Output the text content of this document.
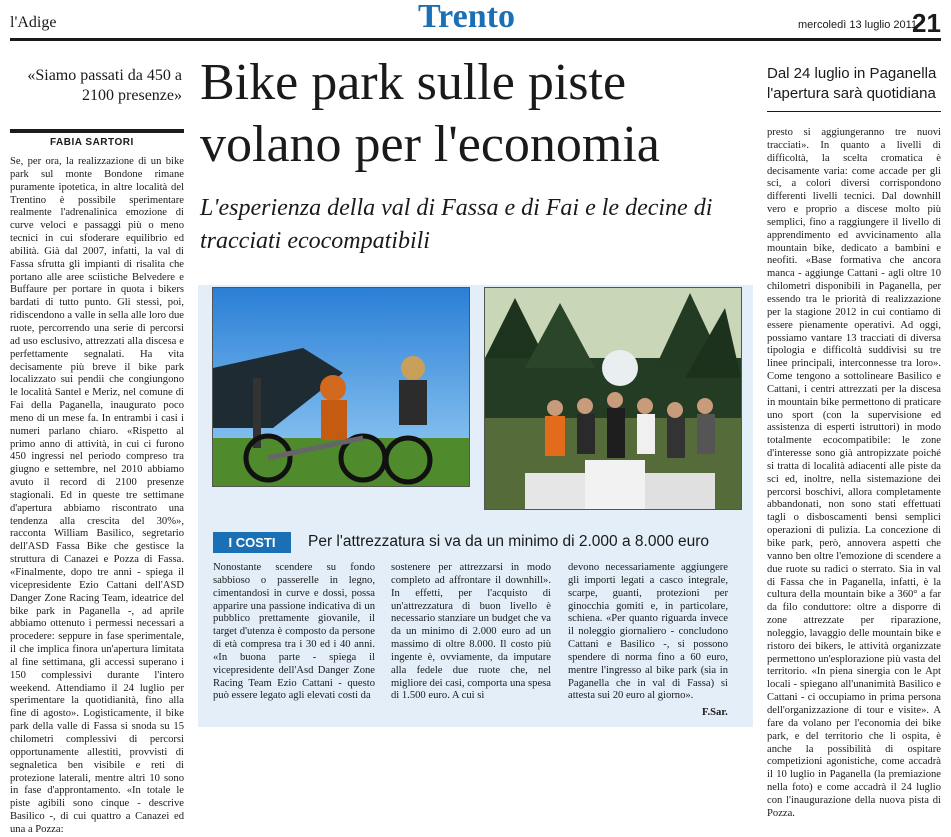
l'Adige	Trento	mercoledì 13 luglio 2011
21
«Siamo passati da 450 a 2100 presenze»
FABIA SARTORI
Se, per ora, la realizzazione di un bike park sul monte Bondone rimane puramente ipotetica, in altre località del Trentino è possibile sperimentare realmente l'adrenalinica emozione di curve veloci e passaggi più o meno tecnici in cui sfoderare equilibrio ed abilità. Già dal 2007, infatti, la val di Fassa sfrutta gli impianti di risalita che portano alle aree sciistiche Belvedere e Buffaure per portare in quota i bikers bardati di tutto punto. Gli stessi, poi, ridiscendono a valle in sella alle loro due ruote, percorrendo una serie di percorsi ad uso esclusivo, attrezzati alla discesa e perfettamente segnalati. Ha vita decisamente più breve il bike park localizzato sui pendii che congiungono le località Santel e Meriz, nel comune di Fai della Paganella, inaugurato poco meno di un mese fa. In entrambi i casi i numeri parlano chiaro. «Rispetto al primo anno di attività, in cui ci furono 450 ingressi nel periodo compreso tra giugno e settembre, nel 2010 abbiamo avuto il record di 2100 presenze stagionali. Ed in queste tre settimane d'apertura abbiamo riscontrato una tendenza alla crescita del 30%», racconta William Basilico, segretario dell'ASD Fassa Bike che gestisce la struttura di Canazei e Pozza di Fassa. «Finalmente, dopo tre anni - spiega il vicepresidente Ezio Cattani dell'ASD Danger Zone Racing Team, ideatrice del bike park in Paganella -, ad aprile abbiamo ottenuto i permessi necessari a procedere: seppure in fase sperimentale, il che implica finora un'apertura limitata al fine settimana, gli accessi superano i 150 complessivi durante l'intero weekend. Attendiamo il 24 luglio per sperimentare la quotidianità, fino alla fine di agosto». Logisticamente, il bike park della valle di Fassa si snoda su 15 chilometri complessivi di percorsi opportunamente allestiti, provvisti di segnaletica ben visibile e reti di protezione laterali, mentre altri 10 sono in fase d'approntamento. «In totale le piste agibili sono cinque - descrive Basilico -, di cui quattro a Canazei ed una a Pozza:
Bike park sulle piste volano per l'economia
L'esperienza della val di Fassa e di Fai e le decine di tracciati ecocompatibili
I COSTI	Per l'attrezzatura si va da un minimo di 2.000 a 8.000 euro
Nonostante scendere su fondo sabbioso o passerelle in legno, cimentandosi in curve e dossi, possa apparire una passione indicativa di un pubblico prettamente giovanile, il target d'utenza è composto da persone di età compresa tra i 30 ed i 40 anni. «In buona parte - spiega il vicepresidente dell'Asd Danger Zone Racing Team Ezio Cattani - questo può essere legato agli elevati costi da
sostenere per attrezzarsi in modo completo ad affrontare il downhill». In effetti, per l'acquisto di un'attrezzatura di buon livello è necessario stanziare un budget che va da un minimo di 2.000 euro ad un massimo di oltre 8.000. Il costo più ingente è, ovviamente, da imputare alla fedele due ruote che, nel migliore dei casi, comporta una spesa di 1.500 euro. A cui si
devono necessariamente aggiungere gli importi legati a casco integrale, scarpe, guanti, protezioni per ginocchia gomiti e, in particolare, schiena. «Per quanto riguarda invece il noleggio giornaliero - concludono Cattani e Basilico -, si possono spendere di norma fino a 60 euro, mentre l'ingresso al bike park (sia in Paganella che in val di Fassa) si attesta sui 20 euro al giorno».
F.Sar.
Dal 24 luglio in Paganella l'apertura sarà quotidiana
presto si aggiungeranno tre nuovi tracciati». In quanto a livelli di difficoltà, la scelta cromatica è decisamente varia: come accade per gli sci, a colori diversi corrispondono differenti livelli tecnici. Dal downhill vero e proprio a discese molto più semplici, fino a raggiungere il livello di apprendimento ed avvicinamento alla mountain bike, dedicato a bambini e neofiti. «Base formativa che ancora manca - aggiunge Cattani - agli oltre 10 chilometri disponibili in Paganella, per essendo tra le priorità di realizzazione per la stagione 2012 in cui contiamo di essere pienamente operativi. Ad oggi, possiamo vantare 13 tracciati di diversa tipologia e difficoltà suddivisi su tre linee principali, interconnesse tra loro». Come tengono a sottolineare Basilico e Cattani, i centri attrezzati per la discesa in mountain bike permettono di praticare uno sport (con la supervisione ed assistenza di esperti istruttori) in modo totalmente ecocompatibile: le zone d'interesse sono già antropizzate poiché si tratta di località adiacenti alle piste da sci ed, inoltre, nella sistemazione dei percorsi boschivi, allora completamente abbandonati, non sono stati effettuati tagli o disboscamenti bensì semplici operazioni di pulizia. La concezione di bike park, però, annovera aspetti che vanno ben oltre l'emozione di scendere a due ruote su radici o sterrato. Sia in val di Fassa che in Paganella, infatti, è la cultura della mountain bike a 360° a far da filo conduttore: oltre a disporre di zone attrezzate per riparazione, noleggio, lavaggio delle mountain bike e ristoro dei bikers, le attività organizzate permettono un'esplorazione più vasta del territorio. «In piena sinergia con le Apt locali - spiegano all'unanimità Basilico e Cattani - ci occupiamo in prima persona dell'organizzazione di tour e visite». A fare da volano per l'economia dei bike park, e del territorio che li ospita, è anche la possibilità di ospitare competizioni agonistiche, come accadrà il 10 luglio in Paganella (la premiazione nella foto) e come accadrà il 24 luglio con l'inaugurazione della nuova pista di Pozza.
